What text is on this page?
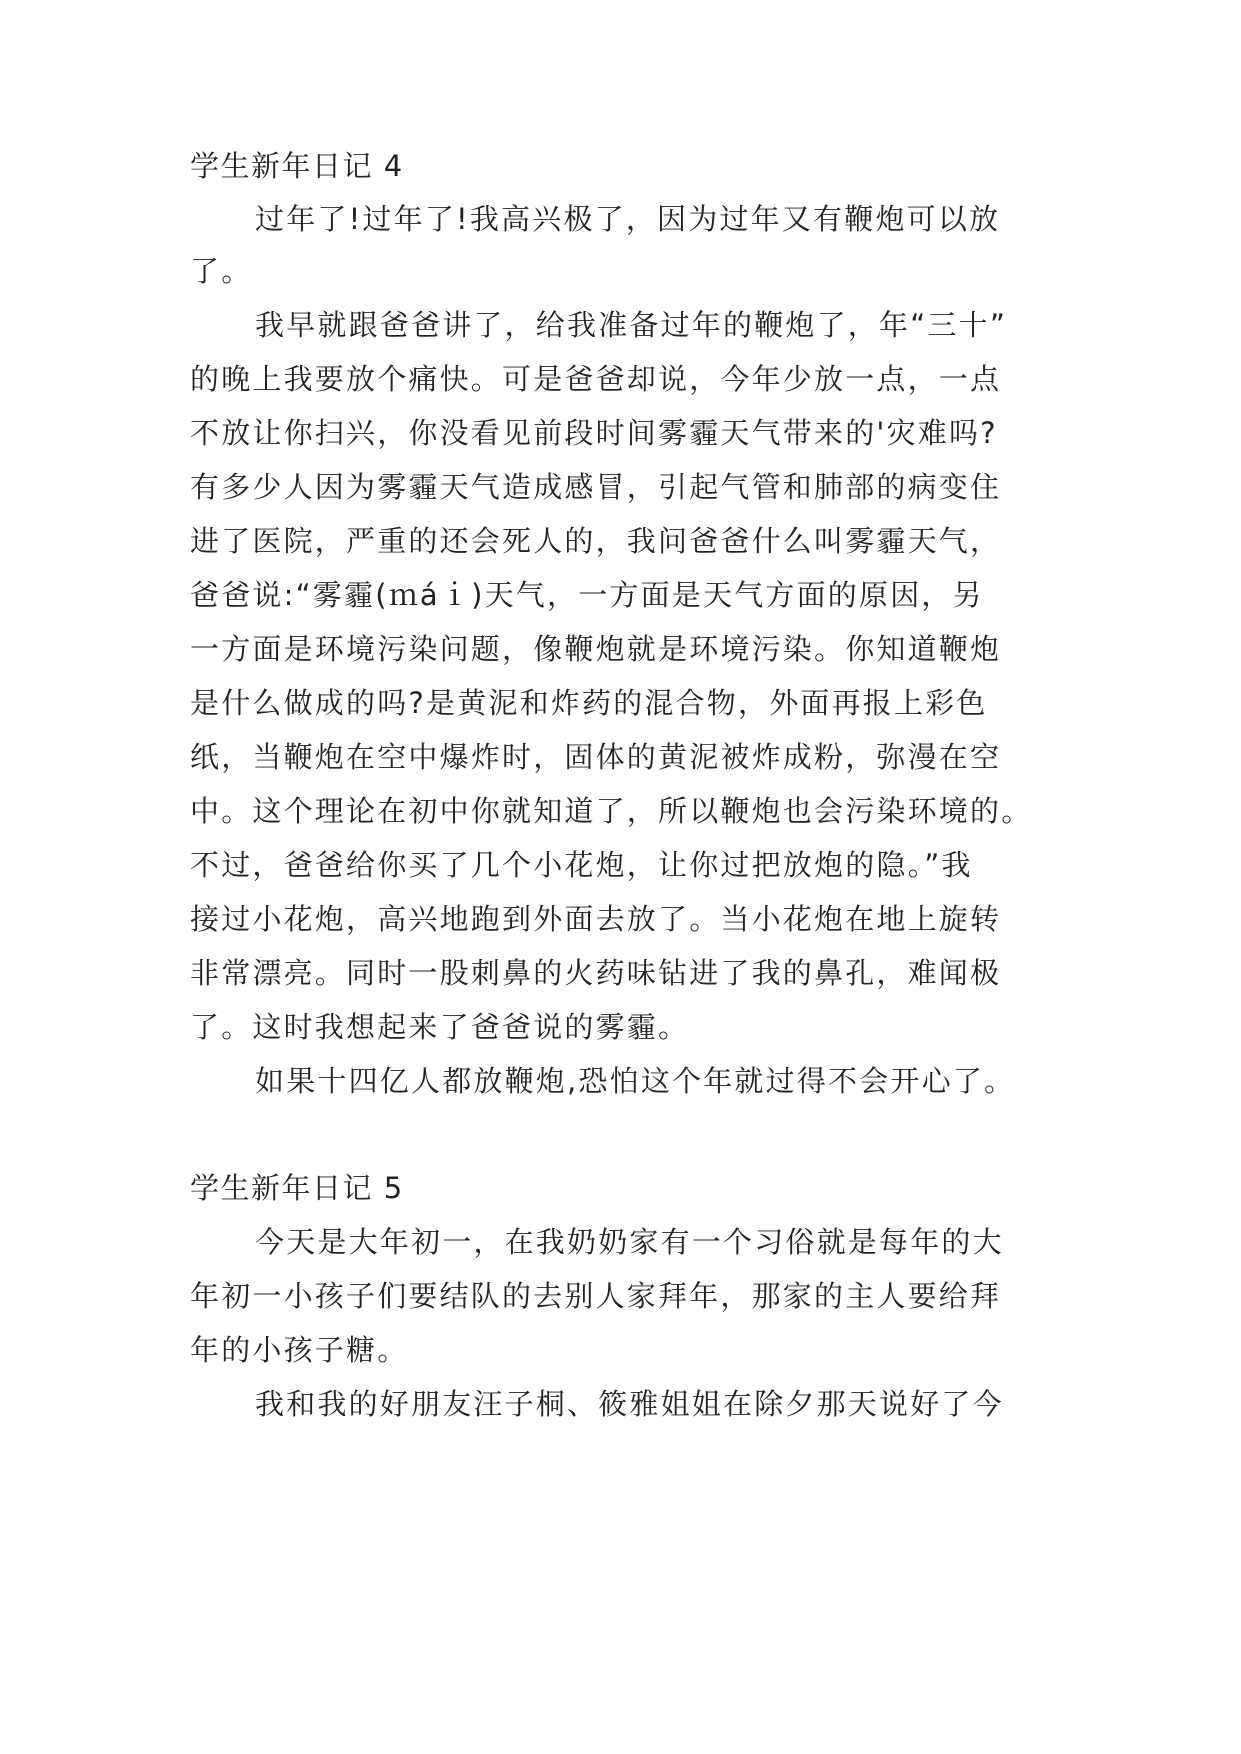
学生新年日记 4

过年了!过年了!我高兴极了，因为过年又有鞭炮可以放

了。

我早就跟爸爸讲了，给我准备过年的鞭炮了，年“三十”

的晚上我要放个痛快。可是爸爸却说，今年少放一点，一点

不放让你扫兴，你没看见前段时间雾霾天气带来的'灾难吗?

有多少人因为雾霾天气造成感冒，引起气管和肺部的病变住

进了医院，严重的还会死人的，我问爸爸什么叫雾霾天气，

爸爸说:“雾霾(ｍáｉ)天气，一方面是天气方面的原因，另

一方面是环境污染问题，像鞭炮就是环境污染。你知道鞭炮

是什么做成的吗?是黄泥和炸药的混合物，外面再报上彩色

纸，当鞭炮在空中爆炸时，固体的黄泥被炸成粉，弥漫在空

中。这个理论在初中你就知道了，所以鞭炮也会污染环境的。

不过，爸爸给你买了几个小花炮，让你过把放炮的隐。”我

接过小花炮，高兴地跑到外面去放了。当小花炮在地上旋转

非常漂亮。同时一股刺鼻的火药味钻进了我的鼻孔，难闻极

了。这时我想起来了爸爸说的雾霾。

如果十四亿人都放鞭炮,恐怕这个年就过得不会开心了。

学生新年日记 5

今天是大年初一，在我奶奶家有一个习俗就是每年的大

年初一小孩子们要结队的去别人家拜年，那家的主人要给拜

年的小孩子糖。

我和我的好朋友汪子桐、筱雅姐姐在除夕那天说好了今
